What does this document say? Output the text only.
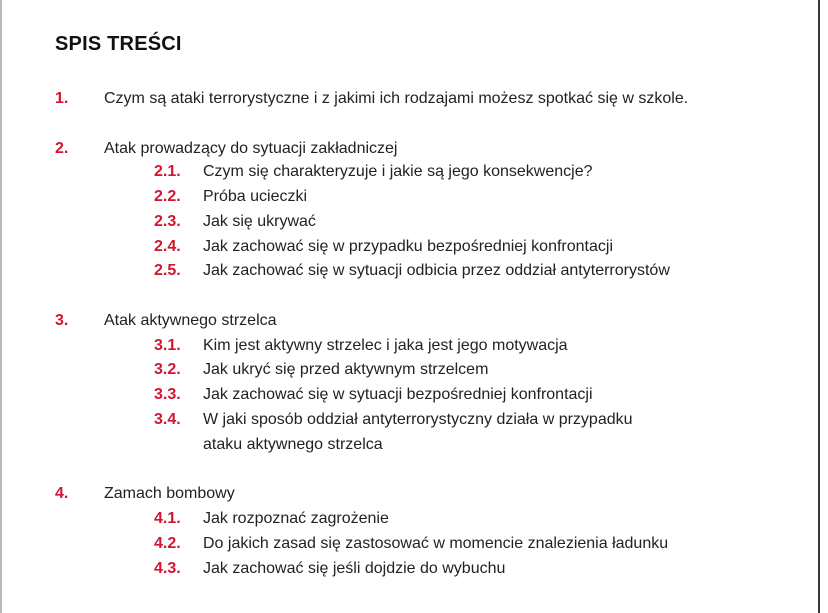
SPIS TREŚCI
1. Czym są ataki terrorystyczne i z jakimi ich rodzajami możesz spotkać się w szkole.
2. Atak prowadzący do sytuacji zakładniczej
2.1. Czym się charakteryzuje i jakie są jego konsekwencje?
2.2. Próba ucieczki
2.3. Jak się ukrywać
2.4. Jak zachować się w przypadku bezpośredniej konfrontacji
2.5. Jak zachować się w sytuacji odbicia przez oddział antyterrorystów
3. Atak aktywnego strzelca
3.1. Kim jest aktywny strzelec i jaka jest jego motywacja
3.2. Jak ukryć się przed aktywnym strzelcem
3.3. Jak zachować się w sytuacji bezpośredniej konfrontacji
3.4. W jaki sposób oddział antyterrorystyczny działa w przypadku
ataku aktywnego strzelca
4. Zamach bombowy
4.1. Jak rozpoznać zagrożenie
4.2. Do jakich zasad się zastosować w momencie znalezienia ładunku
4.3. Jak zachować się jeśli dojdzie do wybuchu
